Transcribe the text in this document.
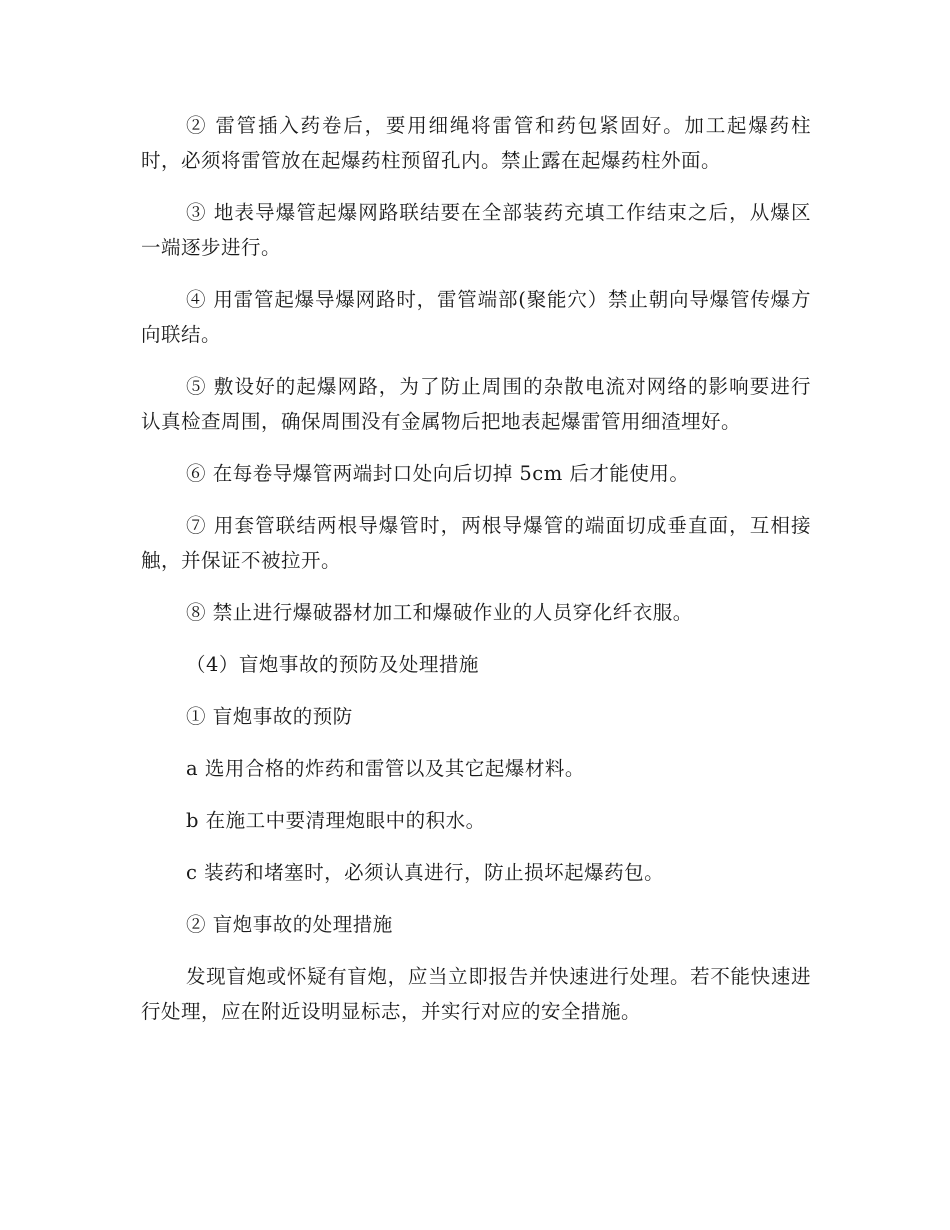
② 雷管插入药卷后，要用细绳将雷管和药包紧固好。加工起爆药柱时，必须将雷管放在起爆药柱预留孔内。禁止露在起爆药柱外面。

③ 地表导爆管起爆网路联结要在全部装药充填工作结束之后，从爆区一端逐步进行。

④ 用雷管起爆导爆网路时，雷管端部(聚能穴）禁止朝向导爆管传爆方向联结。

⑤ 敷设好的起爆网路，为了防止周围的杂散电流对网络的影响要进行认真检查周围，确保周围没有金属物后把地表起爆雷管用细渣埋好。

⑥ 在每卷导爆管两端封口处向后切掉 5cm 后才能使用。

⑦ 用套管联结两根导爆管时，两根导爆管的端面切成垂直面，互相接触，并保证不被拉开。

⑧ 禁止进行爆破器材加工和爆破作业的人员穿化纤衣服。

（4）盲炮事故的预防及处理措施

① 盲炮事故的预防

a 选用合格的炸药和雷管以及其它起爆材料。

b 在施工中要清理炮眼中的积水。

c 装药和堵塞时，必须认真进行，防止损坏起爆药包。

② 盲炮事故的处理措施

发现盲炮或怀疑有盲炮，应当立即报告并快速进行处理。若不能快速进行处理，应在附近设明显标志，并实行对应的安全措施。
